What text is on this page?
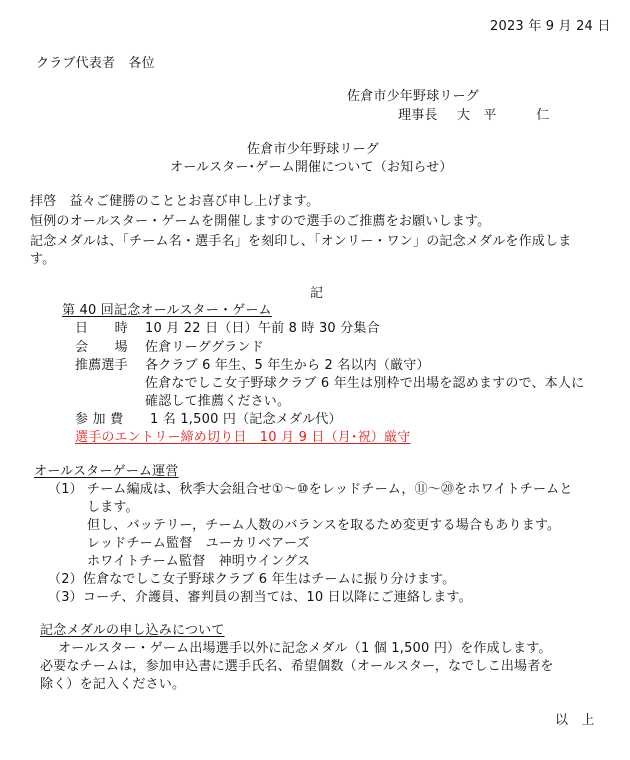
2023 年 9 月 24 日
クラブ代表者　各位
佐倉市少年野球リーグ
理事長 大　平　　　仁
佐倉市少年野球リーグ
オールスター･ゲーム開催について（お知らせ）
拝啓　益々ご健勝のこととお喜び申し上げます。
恒例のオールスター・ゲームを開催しますので選手のご推薦をお願いします。
記念メダルは、「チーム名・選手名」を刻印し、「オンリー・ワン」の記念メダルを作成しま
す。
記
第 40 回記念オールスター・ゲーム
日　　時 10 月 22 日（日）午前 8 時 30 分集合
会　　場 佐倉リーググランド
推薦選手 各クラブ 6 年生、5 年生から 2 名以内（厳守）
佐倉なでしこ女子野球クラブ 6 年生は別枠で出場を認めますので、本人に
確認して推薦ください。
参 加 費 1 名 1,500 円（記念メダル代）
選手のエントリー締め切り日　10 月 9 日（月･祝）厳守
オールスターゲーム運営
（1） チーム編成は、秋季大会組合せ①～⑩をレッドチーム，⑪～⑳をホワイトチームと
します。
但し、バッテリー，チーム人数のバランスを取るため変更する場合もあります。
レッドチーム監督　ユーカリベアーズ
ホワイトチーム監督　神明ウイングス
（2）佐倉なでしこ女子野球クラブ 6 年生はチームに振り分けます。
（3）コーチ、介護員、審判員の割当ては、10 日以降にご連絡します。
記念メダルの申し込みについて
オールスター・ゲーム出場選手以外に記念メダル（1 個 1,500 円）を作成します。
必要なチームは，参加申込書に選手氏名、希望個数（オールスター，なでしこ出場者を
除く）を記入ください。
以　上
